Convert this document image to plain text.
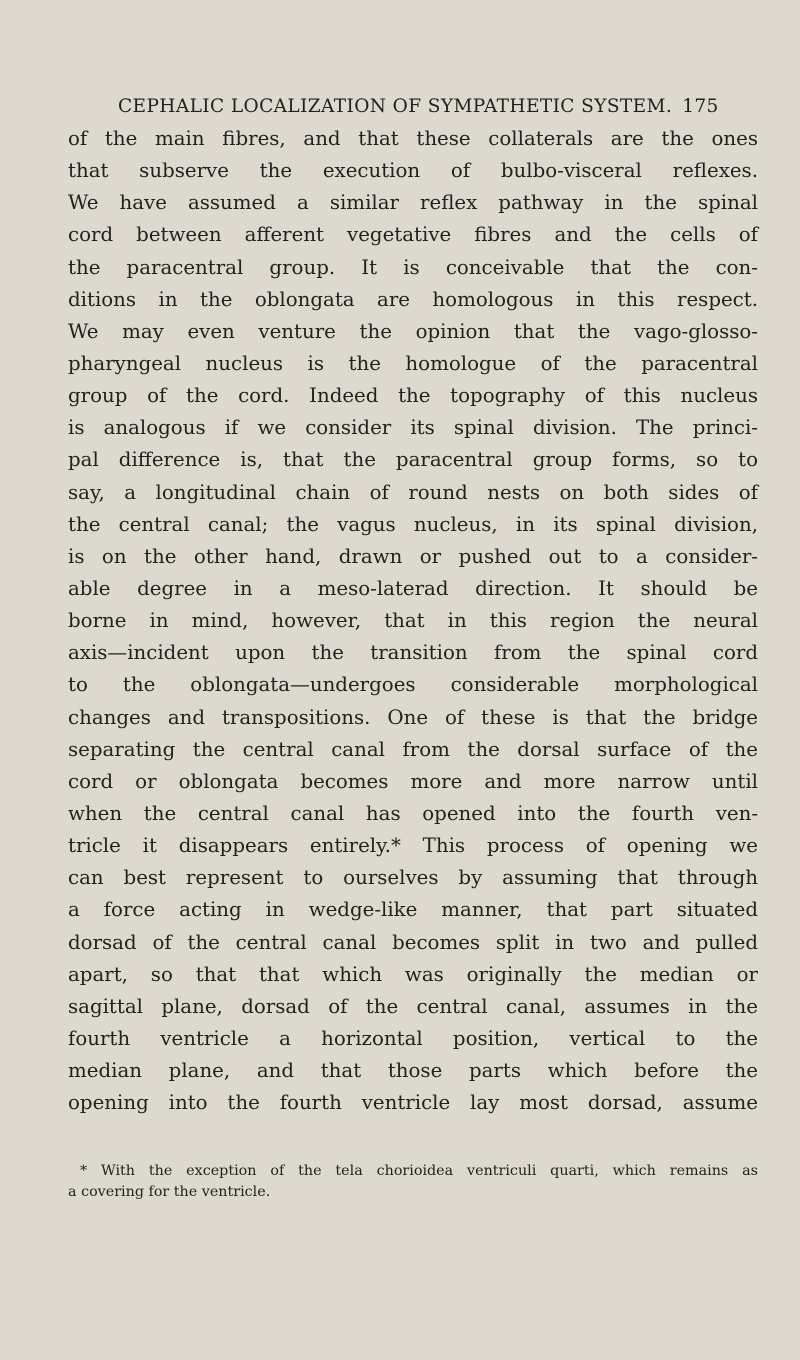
CEPHALIC LOCALIZATION OF SYMPATHETIC SYSTEM. 175
of the main fibres, and that these collaterals are the ones
that subserve the execution of bulbo-visceral reflexes.
We have assumed a similar reflex pathway in the spinal
cord between afferent vegetative fibres and the cells of
the paracentral group. It is conceivable that the con-
ditions in the oblongata are homologous in this respect.
We may even venture the opinion that the vago-glosso-
pharyngeal nucleus is the homologue of the paracentral
group of the cord. Indeed the topography of this nucleus
is analogous if we consider its spinal division. The princi-
pal difference is, that the paracentral group forms, so to
say, a longitudinal chain of round nests on both sides of
the central canal; the vagus nucleus, in its spinal division,
is on the other hand, drawn or pushed out to a consider-
able degree in a meso-laterad direction. It should be
borne in mind, however, that in this region the neural
axis—incident upon the transition from the spinal cord
to the oblongata—undergoes considerable morphological
changes and transpositions. One of these is that the bridge
separating the central canal from the dorsal surface of the
cord or oblongata becomes more and more narrow until
when the central canal has opened into the fourth ven-
tricle it disappears entirely.* This process of opening we
can best represent to ourselves by assuming that through
a force acting in wedge-like manner, that part situated
dorsad of the central canal becomes split in two and pulled
apart, so that that which was originally the median or
sagittal plane, dorsad of the central canal, assumes in the
fourth ventricle a horizontal position, vertical to the
median plane, and that those parts which before the
opening into the fourth ventricle lay most dorsad, assume
* With the exception of the tela chorioidea ventriculi quarti, which remains as
a covering for the ventricle.
